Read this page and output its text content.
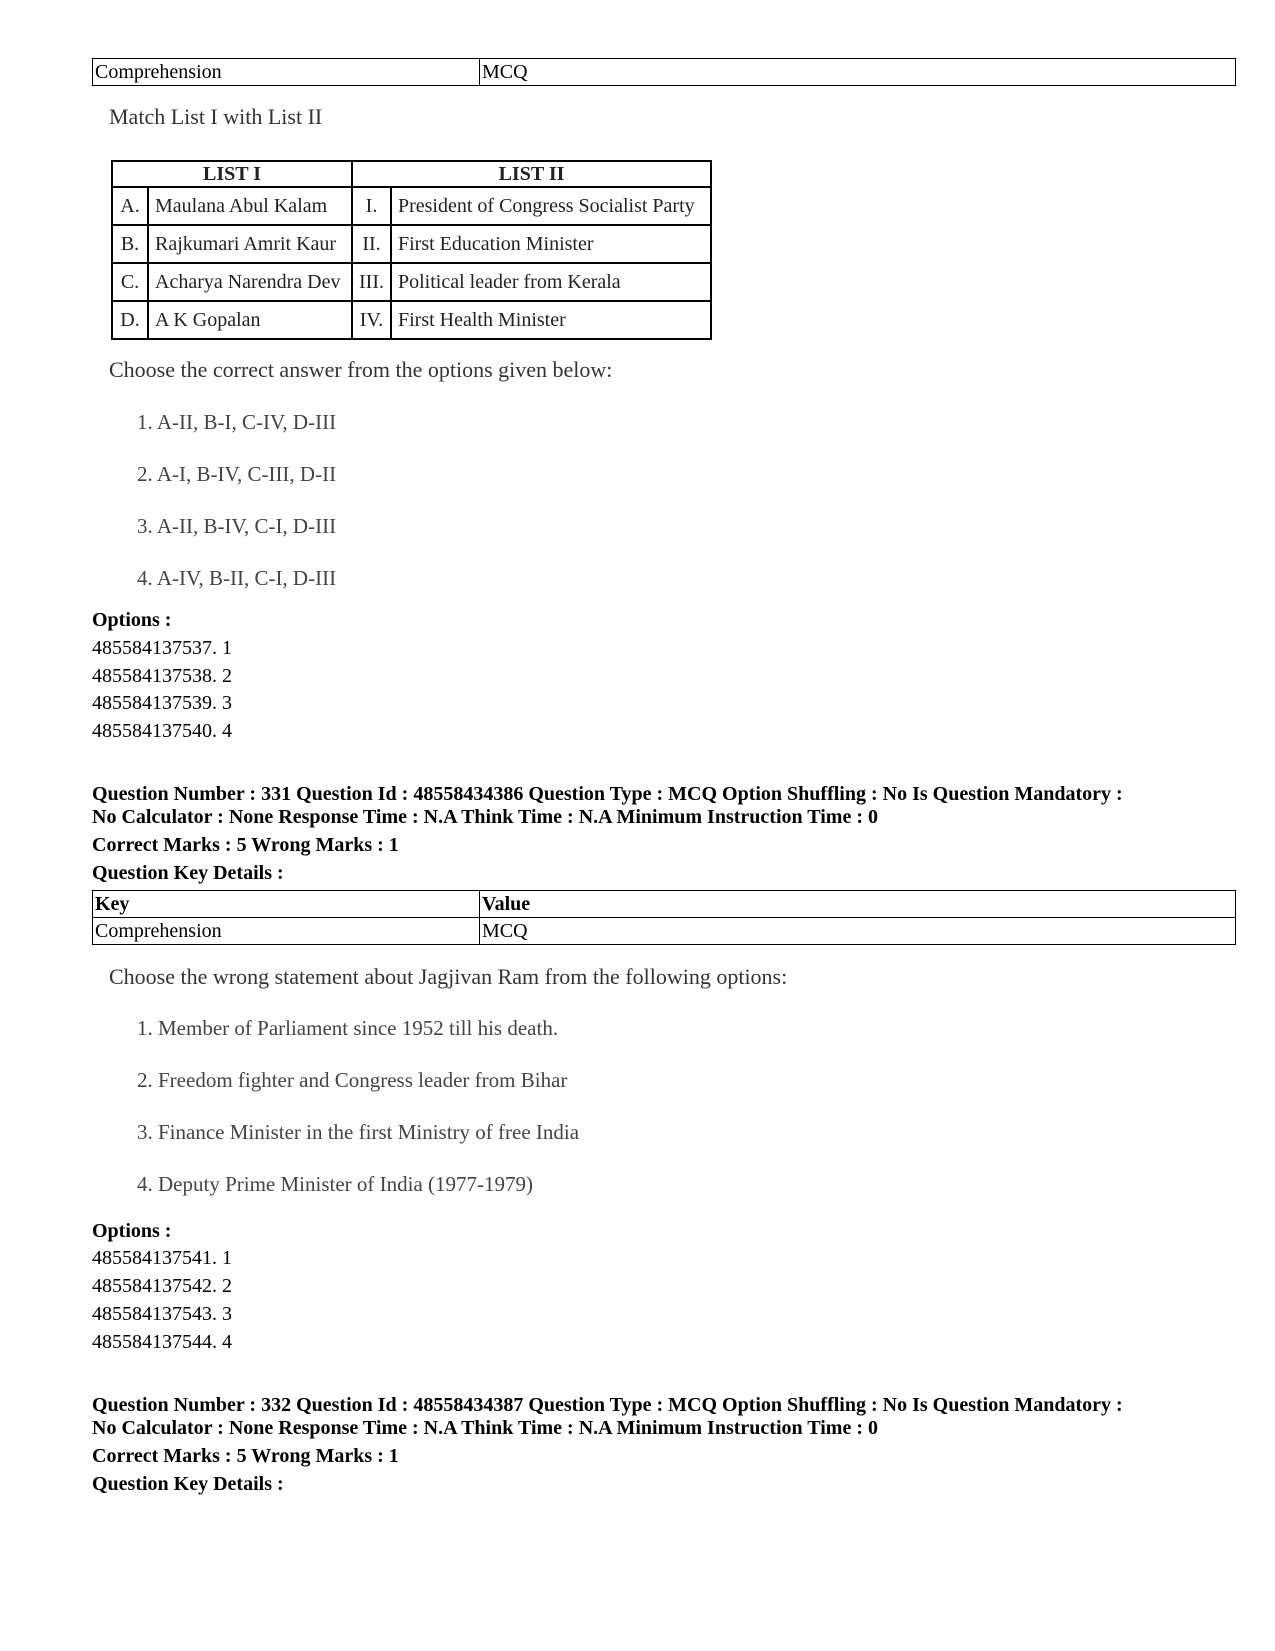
Comprehension	MCQ
Match List I with List II
LIST I		LIST II	
A.	Maulana Abul Kalam	I.	President of Congress Socialist Party
B.	Rajkumari Amrit Kaur	II.	First Education Minister
C.	Acharya Narendra Dev	III.	Political leader from Kerala
D.	A K Gopalan	IV.	First Health Minister
Choose the correct answer from the options given below:
1. A-II, B-I, C-IV, D-III
2. A-I, B-IV, C-III, D-II
3. A-II, B-IV, C-I, D-III
4. A-IV, B-II, C-I, D-III
Options :
485584137537. 1
485584137538. 2
485584137539. 3
485584137540. 4
Question Number : 331 Question Id : 48558434386 Question Type : MCQ Option Shuffling : No Is Question Mandatory :
No Calculator : None Response Time : N.A Think Time : N.A Minimum Instruction Time : 0
Correct Marks : 5 Wrong Marks : 1
Question Key Details :
Key	Value
Comprehension	MCQ
Choose the wrong statement about Jagjivan Ram from the following options:
1. Member of Parliament since 1952 till his death.
2. Freedom fighter and Congress leader from Bihar
3. Finance Minister in the first Ministry of free India
4. Deputy Prime Minister of India (1977-1979)
Options :
485584137541. 1
485584137542. 2
485584137543. 3
485584137544. 4
Question Number : 332 Question Id : 48558434387 Question Type : MCQ Option Shuffling : No Is Question Mandatory :
No Calculator : None Response Time : N.A Think Time : N.A Minimum Instruction Time : 0
Correct Marks : 5 Wrong Marks : 1
Question Key Details :
